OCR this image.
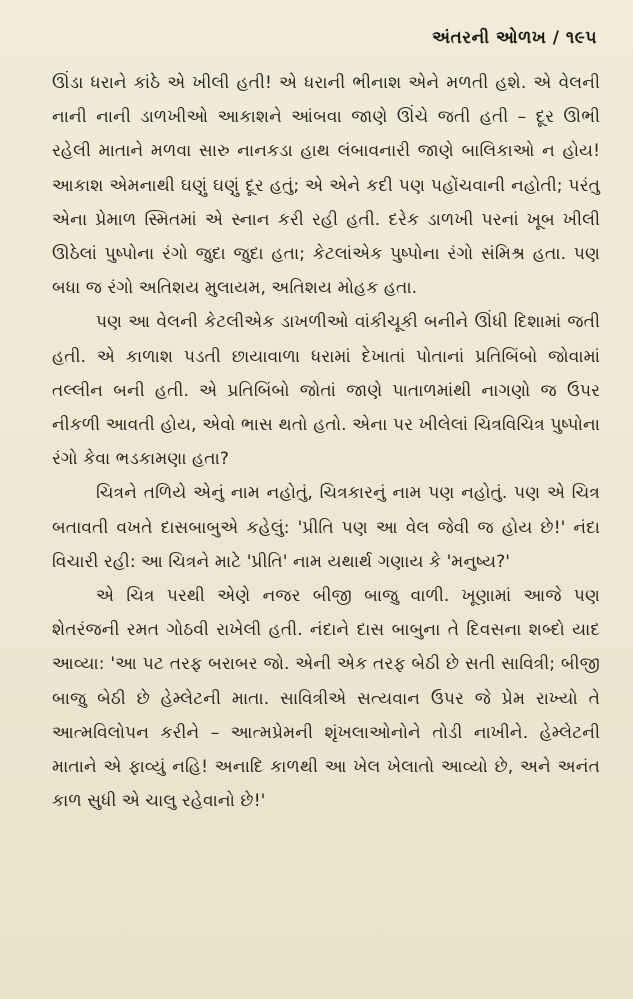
અંતરની ઓળખ / ૧૯૫

ઊંડા ધરાને કાંઠે એ ખીલી હતી! એ ધરાની ભીનાશ એને મળતી હશે. એ વેલની નાની નાની ડાળખીઓ આકાશને આંબવા જાણે ઊંચે જતી હતી – દૂર ઊભી રહેલી માતાને મળવા સારુ નાનકડા હાથ લંબાવનારી જાણે બાલિકાઓ ન હોય! આકાશ એમનાથી ઘણું ઘણું દૂર હતું; એ એને કદી પણ પહોંચવાની નહોતી; પરંતુ એના પ્રેમાળ સ્મિતમાં એ સ્નાન કરી રહી હતી. દરેક ડાળખી પરનાં ખૂબ ખીલી ઊઠેલાં પુષ્પોના રંગો જુદા જુદા હતા; કેટલાંએક પુષ્પોના રંગો સંમિશ્ર હતા. પણ બધા જ રંગો અતિશય મુલાયમ, અતિશય મોહક હતા.

પણ આ વેલની કેટલીએક ડાખળીઓ વાંકીચૂકી બનીને ઊંધી દિશામાં જતી હતી. એ કાળાશ પડતી છાયાવાળા ધરામાં દેખાતાં પોતાનાં પ્રતિબિંબો જોવામાં તલ્લીન બની હતી. એ પ્રતિબિંબો જોતાં જાણે પાતાળમાંથી નાગણો જ ઉપર નીકળી આવતી હોય, એવો ભાસ થતો હતો. એના પર ખીલેલાં ચિત્રવિચિત્ર પુષ્પોના રંગો કેવા ભડકામણા હતા?

ચિત્રને તળિયે એનું નામ નહોતું, ચિત્રકારનું નામ પણ નહોતું. પણ એ ચિત્ર બતાવતી વખતે દાસબાબુએ કહેલું: 'પ્રીતિ પણ આ વેલ જેવી જ હોય છે!' નંદા વિચારી રહી: આ ચિત્રને માટે 'પ્રીતિ' નામ યથાર્થ ગણાય કે 'મનુષ્ય?'

એ ચિત્ર પરથી એણે નજર બીજી બાજુ વાળી. ખૂણામાં આજે પણ શેતરંજની રમત ગોઠવી રાખેલી હતી. નંદાને દાસ બાબુના તે દિવસના શબ્દો યાદ આવ્યા: 'આ પટ તરફ બરાબર જો. એની એક તરફ બેઠી છે સતી સાવિત્રી; બીજી બાજુ બેઠી છે હેમ્લેટની માતા. સાવિત્રીએ સત્યવાન ઉપર જે પ્રેમ રાખ્યો તે આત્મવિલોપન કરીને – આત્મપ્રેમની શૃંખલાઓનોને તોડી નાખીને. હેમ્લેટની માતાને એ ફાવ્યું નહિ! અનાદિ કાળથી આ ખેલ ખેલાતો આવ્યો છે, અને અનંત કાળ સુધી એ ચાલુ રહેવાનો છે!'
